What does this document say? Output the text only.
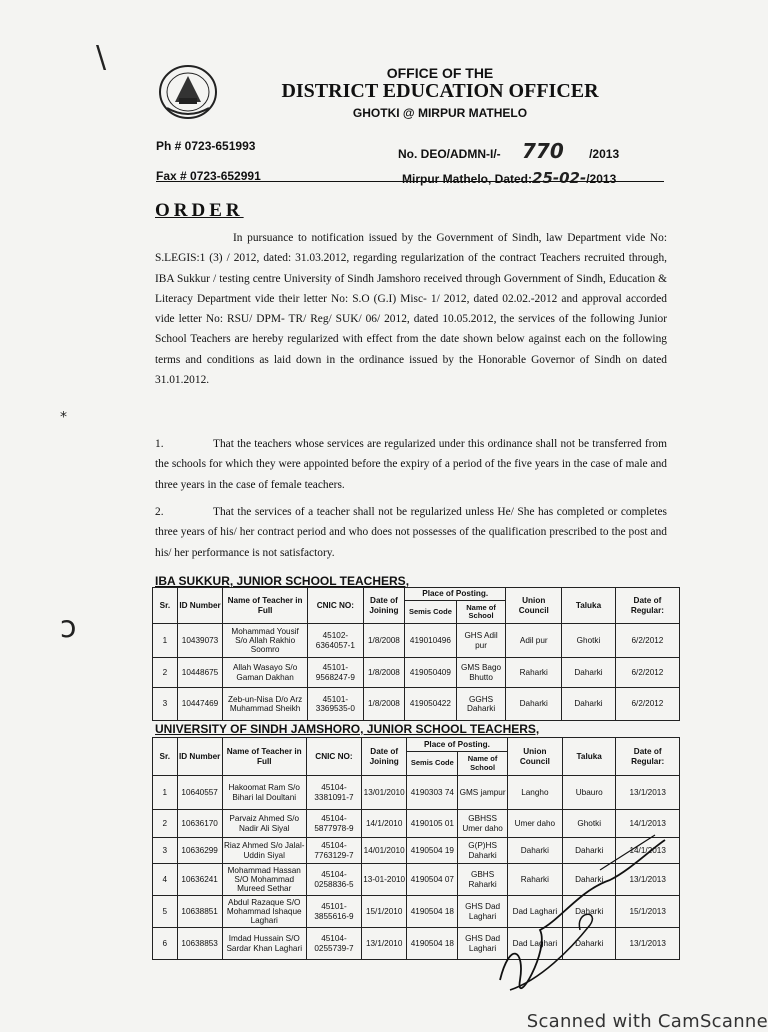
\
⁎
ↄ
OFFICE OF THE
DISTRICT EDUCATION OFFICER
GHOTKI @ MIRPUR MATHELO
Ph # 0723-651993
No. DEO/ADMN-I/- 770 /2013
Fax # 0723-652991	Mirpur Mathelo, Dated:25-02-/2013
ORDER
In pursuance to notification issued by the Government of Sindh, law Department vide No: S.LEGIS:1 (3) / 2012, dated: 31.03.2012, regarding regularization of the contract Teachers recruited through, IBA Sukkur / testing centre University of Sindh Jamshoro received through Government of Sindh, Education & Literacy Department vide their letter No: S.O (G.I) Misc- 1/ 2012, dated 02.02.-2012 and approval accorded vide letter No: RSU/ DPM- TR/ Reg/ SUK/ 06/ 2012, dated 10.05.2012, the services of the following Junior School Teachers are hereby regularized with effect from the date shown below against each on the following terms and conditions as laid down in the ordinance issued by the Honorable Governor of Sindh on dated 31.01.2012.
1.	That the teachers whose services are regularized under this ordinance shall not be transferred from the schools for which they were appointed before the expiry of a period of the five years in the case of male and three years in the case of female teachers.
2.	That the services of a teacher shall not be regularized unless He/ She has completed or completes three years of his/ her contract period and who does not possesses of the qualification prescribed to the post and his/ her performance is not satisfactory.
IBA SUKKUR, JUNIOR SCHOOL TEACHERS,
Sr.	ID Number	Name of Teacher in Full	CNIC NO:	Date of Joining	Place of Posting.		Union Council	Taluka	Date of Regular:
					Semis Code	Name of School			
1	10439073	Mohammad Yousif S/o Allah Rakhio Soomro	45102-6364057-1	1/8/2008	419010496	GHS Adil pur	Adil pur	Ghotki	6/2/2012
2	10448675	Allah Wasayo S/o Gaman Dakhan	45101-9568247-9	1/8/2008	419050409	GMS Bago Bhutto	Raharki	Daharki	6/2/2012
3	10447469	Zeb-un-Nisa D/o Arz Muhammad Sheikh	45101-3369535-0	1/8/2008	419050422	GGHS Daharki	Daharki	Daharki	6/2/2012
UNIVERSITY OF SINDH JAMSHORO, JUNIOR SCHOOL TEACHERS,
Sr.	ID Number	Name of Teacher in Full	CNIC NO:	Date of Joining	Place of Posting.		Union Council	Taluka	Date of Regular:
					Semis Code	Name of School			
1	10640557	Hakoomat Ram S/o Bihari lal Doultani	45104-3381091-7	13/01/2010	4190303 74	GMS jampur	Langho	Ubauro	13/1/2013
2	10636170	Parvaiz Ahmed S/o Nadir Ali Siyal	45104-5877978-9	14/1/2010	4190105 01	GBHSS Umer daho	Umer daho	Ghotki	14/1/2013
3	10636299	Riaz Ahmed S/o Jalal-Uddin Siyal	45104-7763129-7	14/01/2010	4190504 19	G(P)HS Daharki	Daharki	Daharki	14/1/2013
4	10636241	Mohammad Hassan S/O Mohammad Mureed Sethar	45104-0258836-5	13-01-2010	4190504 07	GBHS Raharki	Raharki	Daharki	13/1/2013
5	10638851	Abdul Razaque S/O Mohammad Ishaque Laghari	45101-3855616-9	15/1/2010	4190504 18	GHS Dad Laghari	Dad Laghari	Daharki	15/1/2013
6	10638853	Imdad Hussain S/O Sardar Khan Laghari	45104-0255739-7	13/1/2010	4190504 18	GHS Dad Laghari	Dad Laghari	Daharki	13/1/2013
Scanned with CamScanne
